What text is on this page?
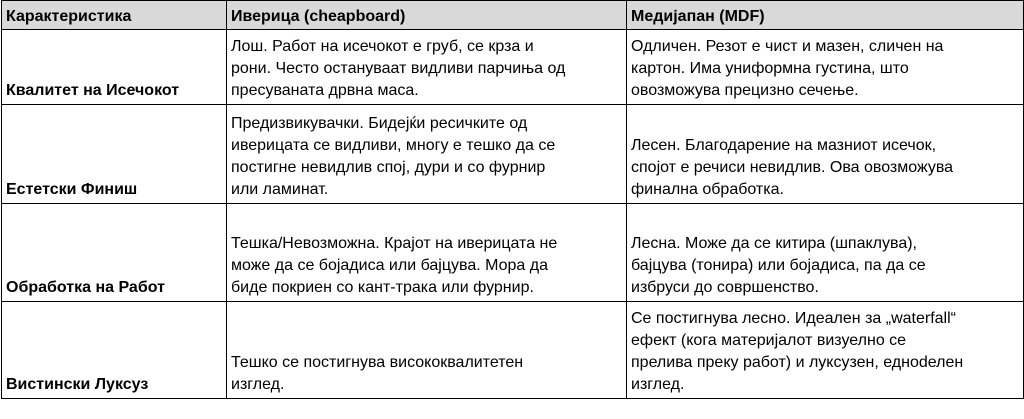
Карактеристика	Иверица (cheapboard)	Медијапан (MDF)
Квалитет на Исечокот	Лош. Работ на исечокот е груб, се крза и
рони. Често остануваат видливи парчиња од
пресуваната дрвна маса.	Одличен. Резот е чист и мазен, сличен на
картон. Има униформна густина, што
овозможува прецизно сечење.
Естетски Финиш	Предизвикувачки. Бидејќи ресичките од
иверицата се видливи, многу е тешко да се
постигне невидлив спој, дури и со фурнир
или ламинат.	Лесен. Благодарение на мазниот исечок,
спојот е речиси невидлив. Ова овозможува
финална обработка.
Обработка на Работ	Тешка/Невозможна. Крајот на иверицата не
може да се бојадиса или бајцува. Мора да
биде покриен со кант-трака или фурнир.	Лесна. Може да се китира (шпаклува),
бајцува (тонира) или бојадиса, па да се
избруси до совршенство.
Вистински Луксуз	Тешко се постигнува висококвалитетен
изглед.	Се постигнува лесно. Идеален за „waterfall“
ефект (кога материјалот визуелно се
прелива преку работ) и луксузен, еднodелен
изглед.
